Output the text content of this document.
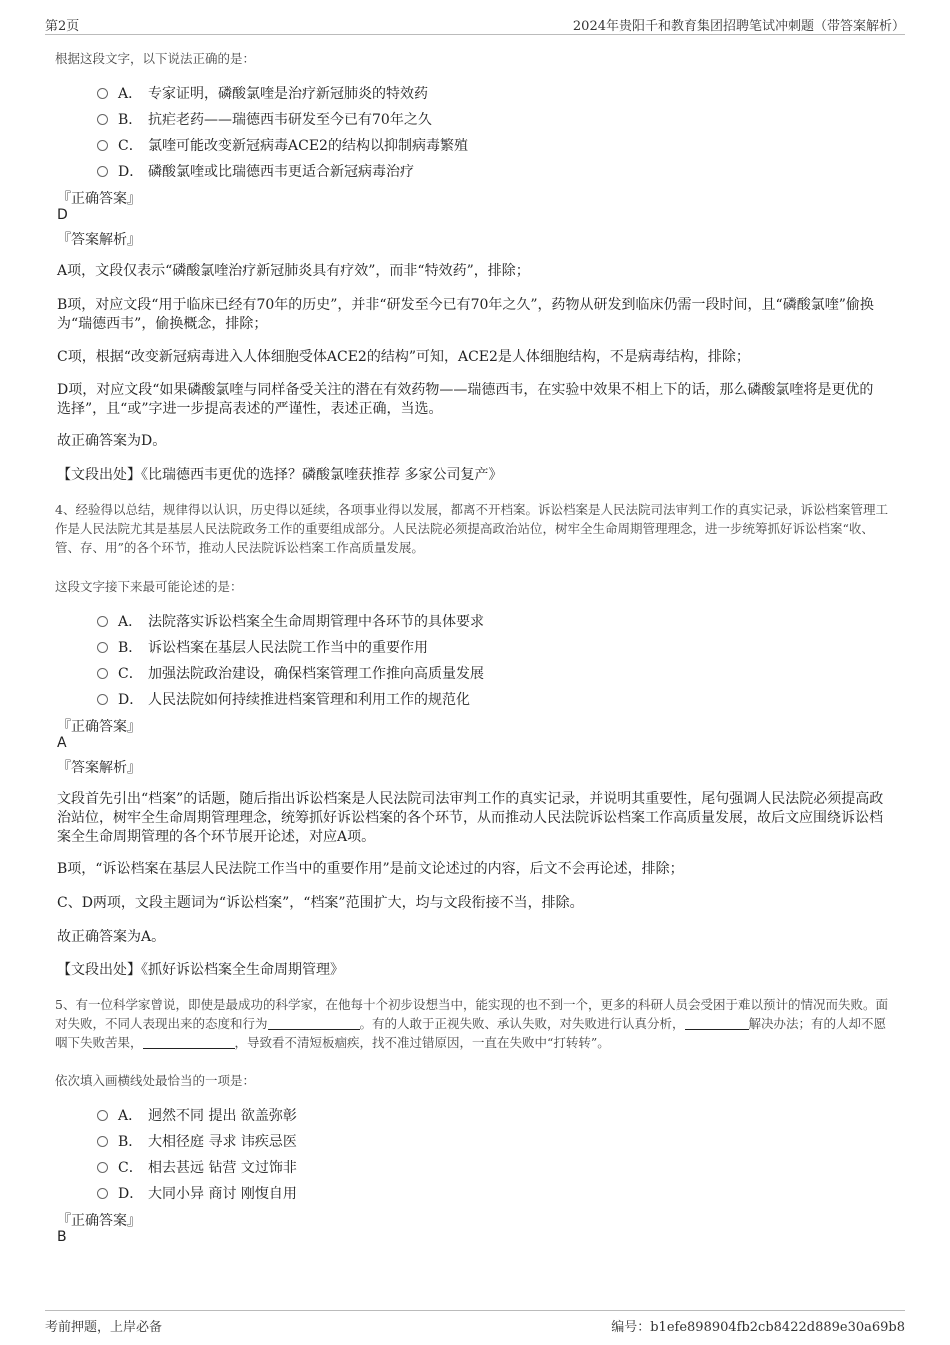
第2页	2024年贵阳千和教育集团招聘笔试冲刺题（带答案解析）
根据这段文字，以下说法正确的是：
A． 专家证明，磷酸氯喹是治疗新冠肺炎的特效药
B． 抗疟老药——瑞德西韦研发至今已有70年之久
C． 氯喹可能改变新冠病毒ACE2的结构以抑制病毒繁殖
D． 磷酸氯喹或比瑞德西韦更适合新冠病毒治疗
『正确答案』
D
『答案解析』
A项，文段仅表示“磷酸氯喹治疗新冠肺炎具有疗效”，而非“特效药”，排除；
B项，对应文段“用于临床已经有70年的历史”，并非“研发至今已有70年之久”，药物从研发到临床仍需一段时间，且“磷酸氯喹”偷换为“瑞德西韦”，偷换概念，排除；
C项，根据“改变新冠病毒进入人体细胞受体ACE2的结构”可知，ACE2是人体细胞结构，不是病毒结构，排除；
D项，对应文段“如果磷酸氯喹与同样备受关注的潜在有效药物——瑞德西韦，在实验中效果不相上下的话，那么磷酸氯喹将是更优的选择”，且“或”字进一步提高表述的严谨性，表述正确，当选。
故正确答案为D。
【文段出处】《比瑞德西韦更优的选择？磷酸氯喹获推荐 多家公司复产》
4、经验得以总结，规律得以认识，历史得以延续，各项事业得以发展，都离不开档案。诉讼档案是人民法院司法审判工作的真实记录，诉讼档案管理工作是人民法院尤其是基层人民法院政务工作的重要组成部分。人民法院必须提高政治站位，树牢全生命周期管理理念，进一步统筹抓好诉讼档案“收、管、存、用”的各个环节，推动人民法院诉讼档案工作高质量发展。
这段文字接下来最可能论述的是：
A． 法院落实诉讼档案全生命周期管理中各环节的具体要求
B． 诉讼档案在基层人民法院工作当中的重要作用
C． 加强法院政治建设，确保档案管理工作推向高质量发展
D． 人民法院如何持续推进档案管理和利用工作的规范化
『正确答案』
A
『答案解析』
文段首先引出“档案”的话题，随后指出诉讼档案是人民法院司法审判工作的真实记录，并说明其重要性，尾句强调人民法院必须提高政治站位，树牢全生命周期管理理念，统筹抓好诉讼档案的各个环节，从而推动人民法院诉讼档案工作高质量发展，故后文应围绕诉讼档案全生命周期管理的各个环节展开论述，对应A项。
B项，“诉讼档案在基层人民法院工作当中的重要作用”是前文论述过的内容，后文不会再论述，排除；
C、D两项，文段主题词为“诉讼档案”，“档案”范围扩大，均与文段衔接不当，排除。
故正确答案为A。
【文段出处】《抓好诉讼档案全生命周期管理》
5、有一位科学家曾说，即使是最成功的科学家，在他每十个初步设想当中，能实现的也不到一个，更多的科研人员会受困于难以预计的情况而失败。面对失败，不同人表现出来的态度和行为	。有的人敢于正视失败、承认失败，对失败进行认真分析，	解决办法；有的人却不愿咽下失败苦果，	，导致看不清短板痼疾，找不准过错原因，一直在失败中“打转转”。
依次填入画横线处最恰当的一项是：
A． 迥然不同 提出 欲盖弥彰
B． 大相径庭 寻求 讳疾忌医
C． 相去甚远 钻营 文过饰非
D． 大同小异 商讨 刚愎自用
『正确答案』
B
考前押题，上岸必备	编号：b1efe898904fb2cb8422d889e30a69b8
